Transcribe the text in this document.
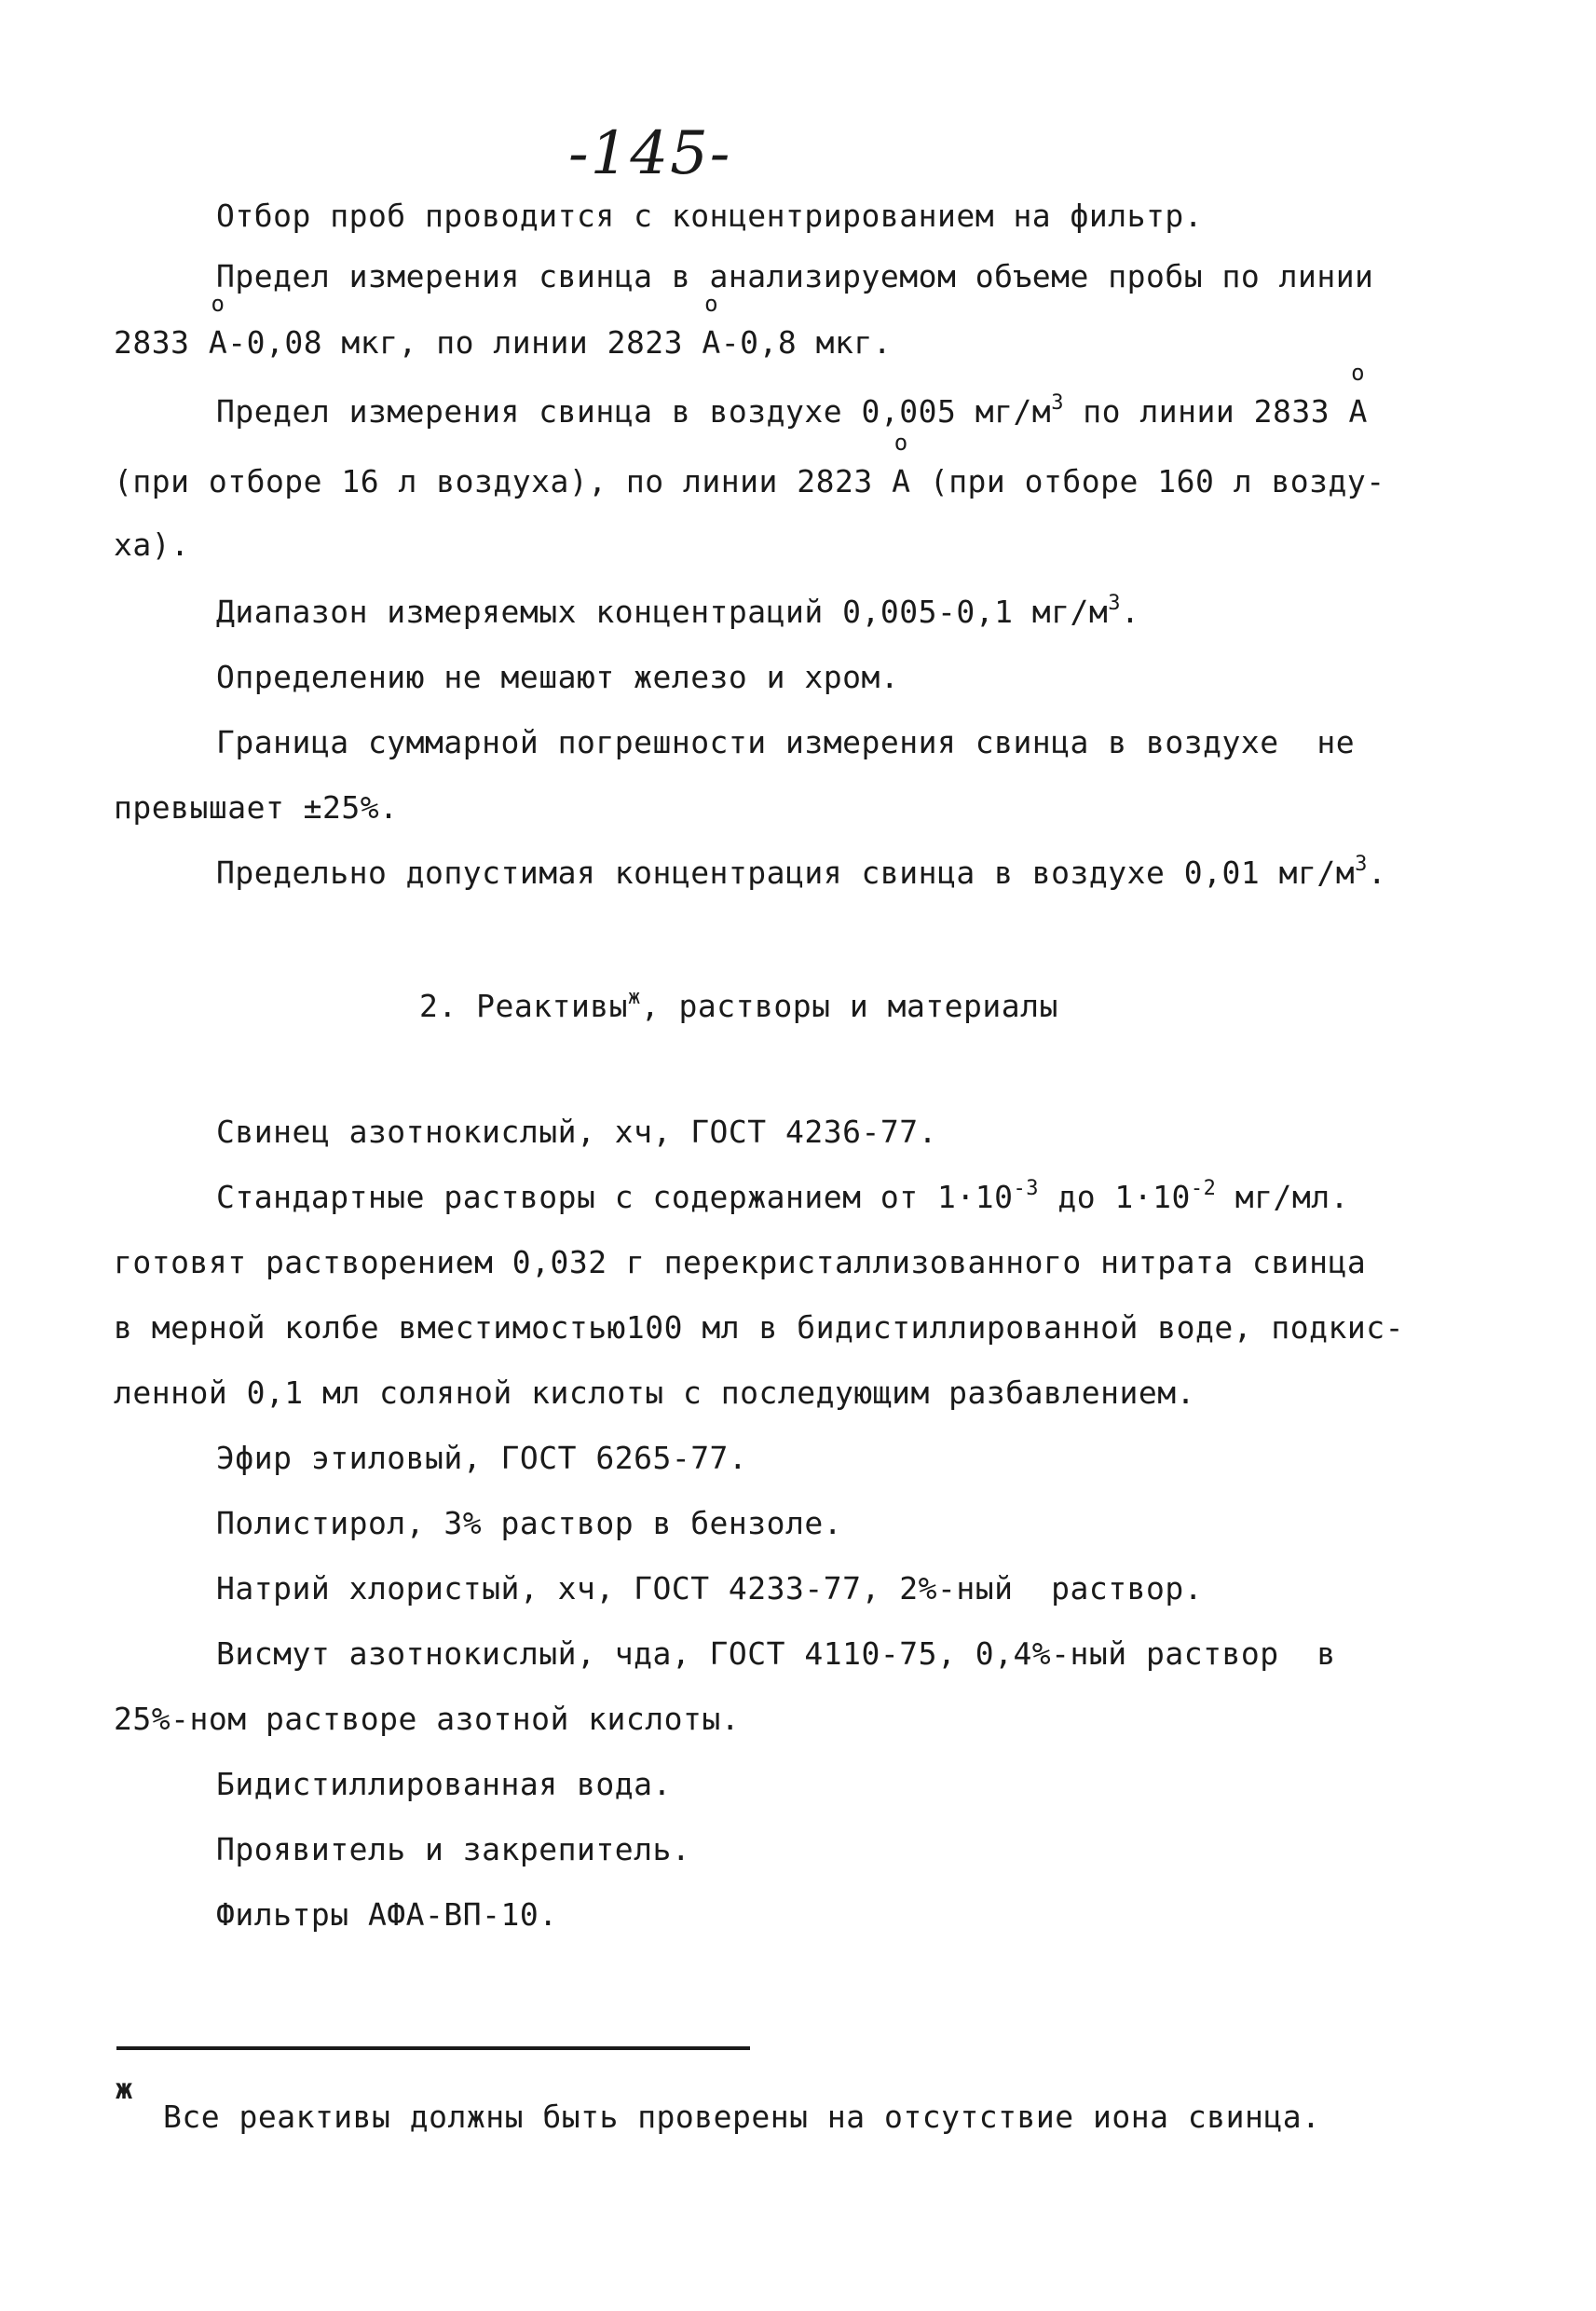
-145-
Отбор проб проводится с концентрированием на фильтр.
Предел измерения свинца в анализируемом объеме пробы по линии
2833
о
А-0,08 мкг, по линии 2823
о
А-0,8 мкг.
Предел измерения свинца в воздухе 0,005 $мг/м^3$ по линии 2833
о
А
(при отборе 16 л воздуха), по линии 2823
о
А (при отборе 160 л возду-
ха).
Диапазон измеряемых концентраций 0,005-0,1 $мг/м^3$.
Определению не мешают железо и хром.
Граница суммарной погрешности измерения свинца в воздухе  не
превышает ±25%.
Предельно допустимая концентрация свинца в воздухе 0,01 $мг/м^3$.
2. Реактивы$^ж$, растворы и материалы
Свинец азотнокислый, хч, ГОСТ 4236-77.
Стандартные растворы с содержанием от $1\cdot 10^{-3}$ до $1\cdot 10^{-2}$ мг/мл.
готовят растворением 0,032 г перекристаллизованного нитрата свинца
в мерной колбе вместимостью100 мл в бидистиллированной воде, подкис-
ленной 0,1 мл соляной кислоты с последующим разбавлением.
Эфир этиловый, ГОСТ 6265-77.
Полистирол, 3% раствор в бензоле.
Натрий хлористый, хч, ГОСТ 4233-77, 2%-ный  раствор.
Висмут азотнокислый, чда, ГОСТ 4110-75, 0,4%-ный раствор  в
25%-ном растворе азотной кислоты.
Бидистиллированная вода.
Проявитель и закрепитель.
Фильтры АФА-ВП-10.
ж
Все реактивы должны быть проверены на отсутствие иона свинца.
